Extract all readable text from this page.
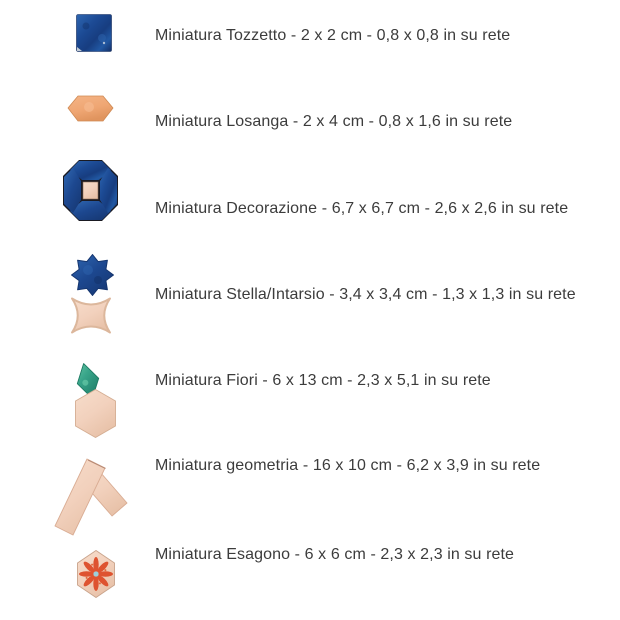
Miniatura Tozzetto - 2 x 2 cm - 0,8 x 0,8 in su rete
Miniatura Losanga - 2 x 4 cm - 0,8 x 1,6 in su rete
Miniatura Decorazione - 6,7 x 6,7 cm - 2,6 x 2,6 in su rete
Miniatura Stella/Intarsio - 3,4 x 3,4 cm - 1,3 x 1,3 in su rete
Miniatura Fiori - 6 x 13 cm - 2,3 x 5,1 in su rete
Miniatura geometria - 16 x 10 cm - 6,2 x 3,9 in su rete
Miniatura Esagono - 6 x 6 cm - 2,3 x 2,3 in su rete
